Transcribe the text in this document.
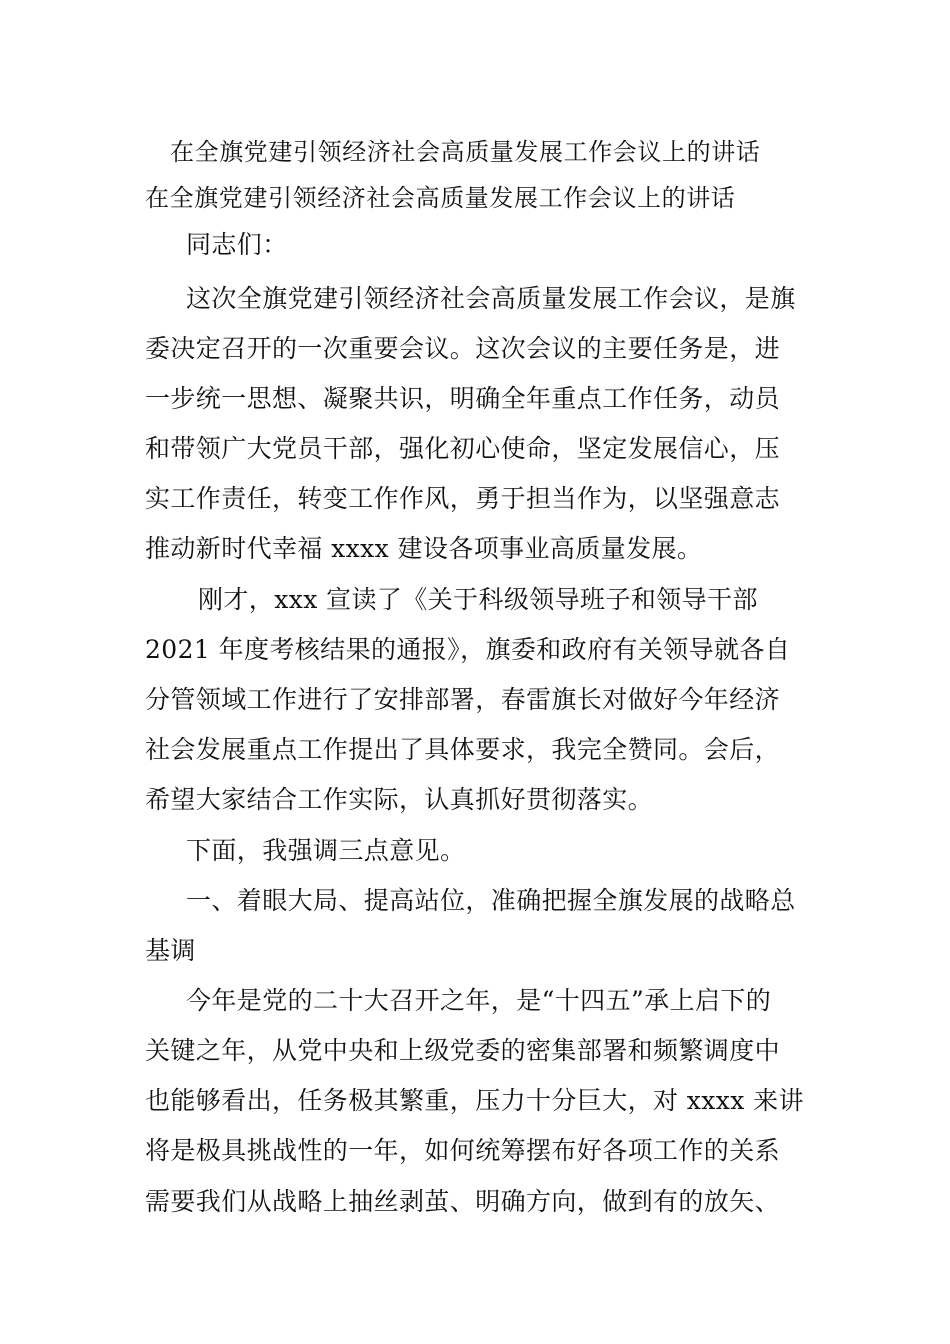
在全旗党建引领经济社会高质量发展工作会议上的讲话
在全旗党建引领经济社会高质量发展工作会议上的讲话
同志们：
这次全旗党建引领经济社会高质量发展工作会议，是旗
委决定召开的一次重要会议。这次会议的主要任务是，进
一步统一思想、凝聚共识，明确全年重点工作任务，动员
和带领广大党员干部，强化初心使命，坚定发展信心，压
实工作责任，转变工作作风，勇于担当作为，以坚强意志
推动新时代幸福 xxxx 建设各项事业高质量发展。
刚才，xxx 宣读了《关于科级领导班子和领导干部
2021 年度考核结果的通报》，旗委和政府有关领导就各自
分管领域工作进行了安排部署，春雷旗长对做好今年经济
社会发展重点工作提出了具体要求，我完全赞同。会后，
希望大家结合工作实际，认真抓好贯彻落实。
下面，我强调三点意见。
一、着眼大局、提高站位，准确把握全旗发展的战略总
基调
今年是党的二十大召开之年，是“十四五”承上启下的
关键之年，从党中央和上级党委的密集部署和频繁调度中
也能够看出，任务极其繁重，压力十分巨大，对 xxxx 来讲
将是极具挑战性的一年，如何统筹摆布好各项工作的关系
需要我们从战略上抽丝剥茧、明确方向，做到有的放矢、
